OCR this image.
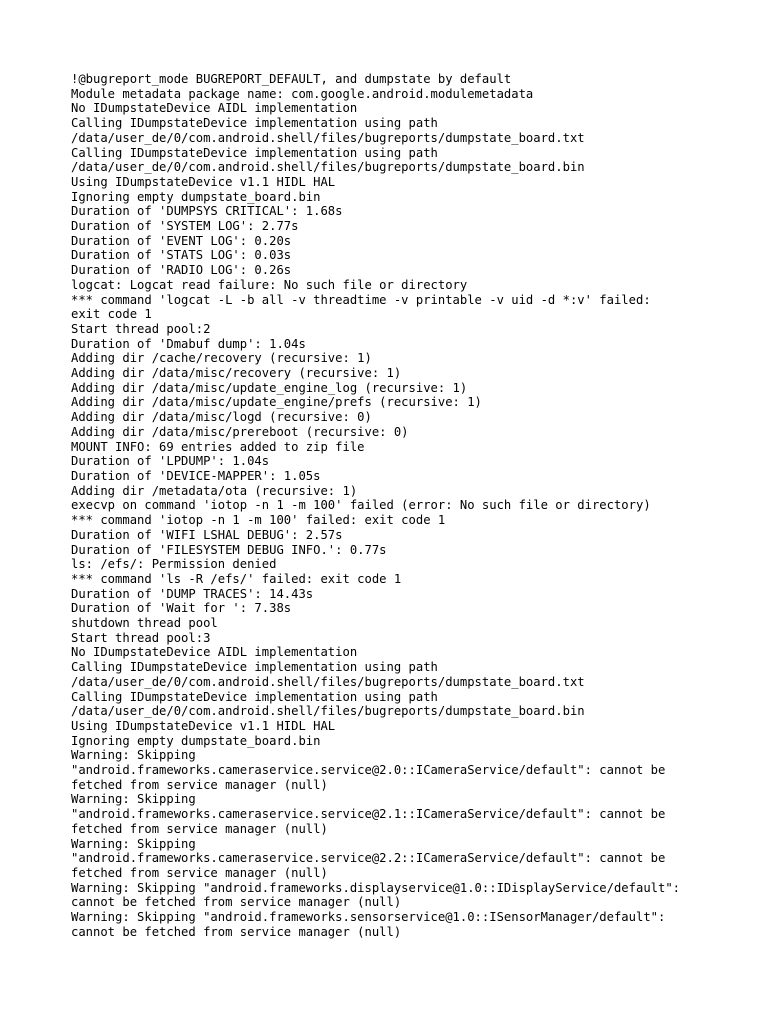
!@bugreport_mode BUGREPORT_DEFAULT, and dumpstate by default
Module metadata package name: com.google.android.modulemetadata
No IDumpstateDevice AIDL implementation
Calling IDumpstateDevice implementation using path
/data/user_de/0/com.android.shell/files/bugreports/dumpstate_board.txt
Calling IDumpstateDevice implementation using path
/data/user_de/0/com.android.shell/files/bugreports/dumpstate_board.bin
Using IDumpstateDevice v1.1 HIDL HAL
Ignoring empty dumpstate_board.bin
Duration of 'DUMPSYS CRITICAL': 1.68s
Duration of 'SYSTEM LOG': 2.77s
Duration of 'EVENT LOG': 0.20s
Duration of 'STATS LOG': 0.03s
Duration of 'RADIO LOG': 0.26s
logcat: Logcat read failure: No such file or directory
*** command 'logcat -L -b all -v threadtime -v printable -v uid -d *:v' failed:
exit code 1
Start thread pool:2
Duration of 'Dmabuf dump': 1.04s
Adding dir /cache/recovery (recursive: 1)
Adding dir /data/misc/recovery (recursive: 1)
Adding dir /data/misc/update_engine_log (recursive: 1)
Adding dir /data/misc/update_engine/prefs (recursive: 1)
Adding dir /data/misc/logd (recursive: 0)
Adding dir /data/misc/prereboot (recursive: 0)
MOUNT INFO: 69 entries added to zip file
Duration of 'LPDUMP': 1.04s
Duration of 'DEVICE-MAPPER': 1.05s
Adding dir /metadata/ota (recursive: 1)
execvp on command 'iotop -n 1 -m 100' failed (error: No such file or directory)
*** command 'iotop -n 1 -m 100' failed: exit code 1
Duration of 'WIFI LSHAL DEBUG': 2.57s
Duration of 'FILESYSTEM DEBUG INFO.': 0.77s
ls: /efs/: Permission denied
*** command 'ls -R /efs/' failed: exit code 1
Duration of 'DUMP TRACES': 14.43s
Duration of 'Wait for ': 7.38s
shutdown thread pool
Start thread pool:3
No IDumpstateDevice AIDL implementation
Calling IDumpstateDevice implementation using path
/data/user_de/0/com.android.shell/files/bugreports/dumpstate_board.txt
Calling IDumpstateDevice implementation using path
/data/user_de/0/com.android.shell/files/bugreports/dumpstate_board.bin
Using IDumpstateDevice v1.1 HIDL HAL
Ignoring empty dumpstate_board.bin
Warning: Skipping
"android.frameworks.cameraservice.service@2.0::ICameraService/default": cannot be
fetched from service manager (null)
Warning: Skipping
"android.frameworks.cameraservice.service@2.1::ICameraService/default": cannot be
fetched from service manager (null)
Warning: Skipping
"android.frameworks.cameraservice.service@2.2::ICameraService/default": cannot be
fetched from service manager (null)
Warning: Skipping "android.frameworks.displayservice@1.0::IDisplayService/default":
cannot be fetched from service manager (null)
Warning: Skipping "android.frameworks.sensorservice@1.0::ISensorManager/default":
cannot be fetched from service manager (null)
